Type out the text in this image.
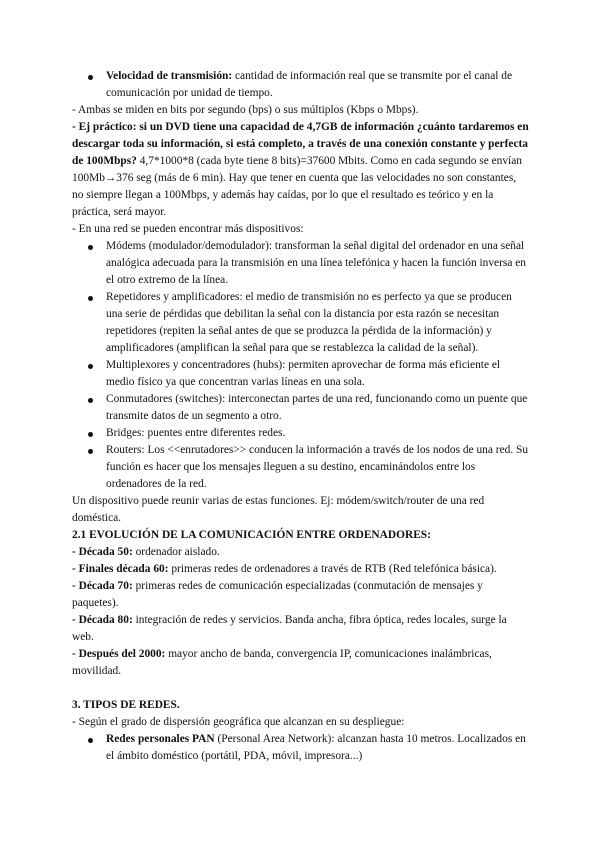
Velocidad de transmisión: cantidad de información real que se transmite por el canal de comunicación por unidad de tiempo.

- Ambas se miden en bits por segundo (bps) o sus múltiplos (Kbps o Mbps).

- Ej práctico: si un DVD tiene una capacidad de 4,7GB de información ¿cuánto tardaremos en descargar toda su información, si está completo, a través de una conexión constante y perfecta de 100Mbps? 4,7*1000*8 (cada byte tiene 8 bits)=37600 Mbits. Como en cada segundo se envían 100Mb→376 seg (más de 6 min). Hay que tener en cuenta que las velocidades no son constantes, no siempre llegan a 100Mbps, y además hay caídas, por lo que el resultado es teórico y en la práctica, será mayor.

- En una red se pueden encontrar más dispositivos:

Módems (modulador/demodulador): transforman la señal digital del ordenador en una señal analógica adecuada para la transmisión en una línea telefónica y hacen la función inversa en el otro extremo de la línea.
Repetidores y amplificadores: el medio de transmisión no es perfecto ya que se producen una serie de pérdidas que debilitan la señal con la distancia por esta razón se necesitan repetidores (repiten la señal antes de que se produzca la pérdida de la información) y amplificadores (amplifican la señal para que se restablezca la calidad de la señal).
Multiplexores y concentradores (hubs): permiten aprovechar de forma más eficiente el medio físico ya que concentran varias líneas en una sola.
Conmutadores (switches): interconectan partes de una red, funcionando como un puente que transmite datos de un segmento a otro.
Bridges: puentes entre diferentes redes.
Routers: Los <<enrutadores>> conducen la información a través de los nodos de una red. Su función es hacer que los mensajes lleguen a su destino, encaminándolos entre los ordenadores de la red.

Un dispositivo puede reunir varias de estas funciones. Ej: módem/switch/router de una red doméstica.

2.1 EVOLUCIÓN DE LA COMUNICACIÓN ENTRE ORDENADORES:

- Década 50: ordenador aislado.

- Finales década 60: primeras redes de ordenadores a través de RTB (Red telefónica básica).

- Década 70: primeras redes de comunicación especializadas (conmutación de mensajes y paquetes).

- Década 80: integración de redes y servicios. Banda ancha, fibra óptica, redes locales, surge la web.

- Después del 2000: mayor ancho de banda, convergencia IP, comunicaciones inalámbricas, movilidad.

3. TIPOS DE REDES.

- Según el grado de dispersión geográfica que alcanzan en su despliegue:

Redes personales PAN (Personal Area Network): alcanzan hasta 10 metros. Localizados en el ámbito doméstico (portátil, PDA, móvil, impresora...)
